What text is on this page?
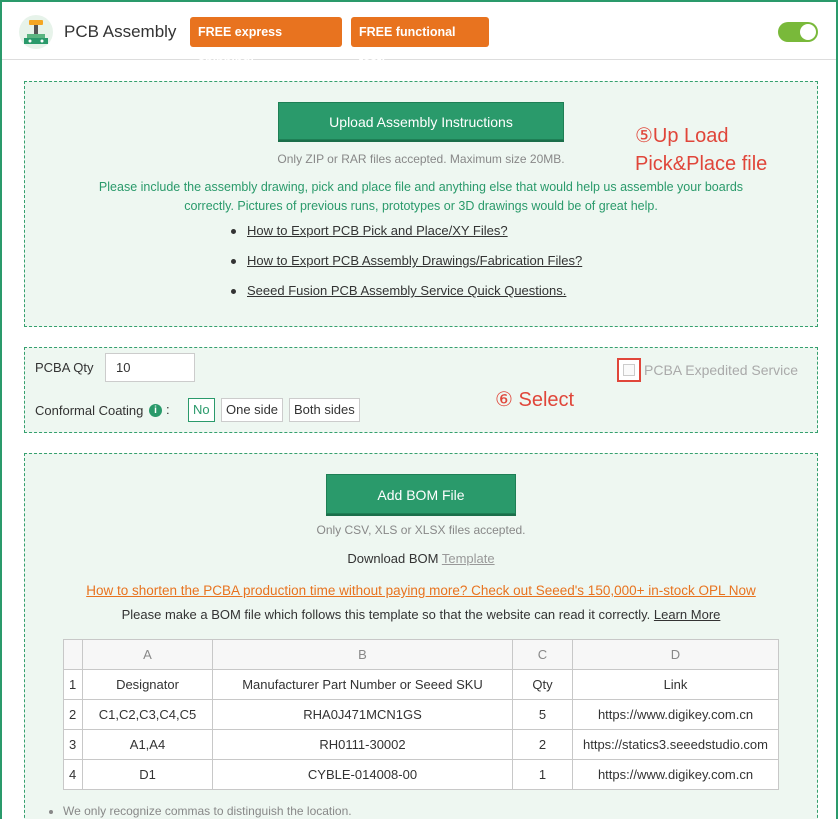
PCB Assembly	FREE express shipping!
FREE functional test!
Upload Assembly Instructions
Only ZIP or RAR files accepted. Maximum size 20MB.
Please include the assembly drawing, pick and place file and anything else that would help us assemble your boards correctly. Pictures of previous runs, prototypes or 3D drawings would be of great help.
How to Export PCB Pick and Place/XY Files?
How to Export PCB Assembly Drawings/Fabrication Files?
Seeed Fusion PCB Assembly Service Quick Questions.
⑤Up Load
Pick&Place file
PCBA Qty
10
Conformal Coating	i :	No	One side	Both sides
PCBA Expedited Service
⑥ Select
Add BOM File
Only CSV, XLS or XLSX files accepted.
Download BOM Template
How to shorten the PCBA production time without paying more? Check out Seeed's 150,000+ in-stock OPL Now
Please make a BOM file which follows this template so that the website can read it correctly. Learn More
	A	B	C	D
1	Designator	Manufacturer Part Number or Seeed SKU	Qty	Link
2	C1,C2,C3,C4,C5	RHA0J471MCN1GS	5	https://www.digikey.com.cn
3	A1,A4	RH0111-30002	2	https://statics3.seeedstudio.com
4	D1	CYBLE-014008-00	1	https://www.digikey.com.cn
We only recognize commas to distinguish the location.
